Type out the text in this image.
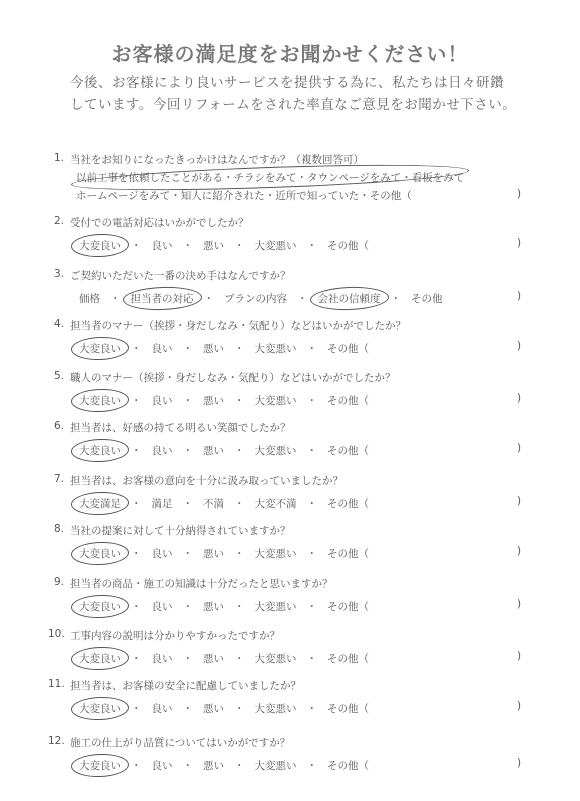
お客様の満足度をお聞かせください！
今後、お客様により良いサービスを提供する為に、私たちは日々研鑽
しています。今回リフォームをされた率直なご意見をお聞かせ下さい。
1. 当社をお知りになったきっかけはなんですか？（複数回答可）
以前工事を依頼したことがある・チラシをみて・タウンページをみて・看板をみて
ホームページをみて・知人に紹介された・近所で知っていた・その他（	)
2. 受付での電話対応はいかがでしたか？
大変良い ・ 良い ・ 悪い ・ 大変悪い ・ その他（	)
3. ご契約いただいた一番の決め手はなんですか？
価格 ・ 担当者の対応 ・ プランの内容 ・ 会社の信頼度 ・ その他	)
4. 担当者のマナー（挨拶・身だしなみ・気配り）などはいかがでしたか？
大変良い ・ 良い ・ 悪い ・ 大変悪い ・ その他（	)
5. 職人のマナー（挨拶・身だしなみ・気配り）などはいかがでしたか？
大変良い ・ 良い ・ 悪い ・ 大変悪い ・ その他（	)
6. 担当者は、好感の持てる明るい笑顔でしたか？
大変良い ・ 良い ・ 悪い ・ 大変悪い ・ その他（	)
7. 担当者は、お客様の意向を十分に汲み取っていましたか？
大変満足 ・ 満足 ・ 不満 ・ 大変不満 ・ その他（	)
8. 当社の提案に対して十分納得されていますか？
大変良い ・ 良い ・ 悪い ・ 大変悪い ・ その他（	)
9. 担当者の商品・施工の知識は十分だったと思いますか？
大変良い ・ 良い ・ 悪い ・ 大変悪い ・ その他（	)
10. 工事内容の説明は分かりやすかったですか？
大変良い ・ 良い ・ 悪い ・ 大変悪い ・ その他（	)
11. 担当者は、お客様の安全に配慮していましたか？
大変良い ・ 良い ・ 悪い ・ 大変悪い ・ その他（	)
12. 施工の仕上がり品質についてはいかがですか？
大変良い ・ 良い ・ 悪い ・ 大変悪い ・ その他（	)
